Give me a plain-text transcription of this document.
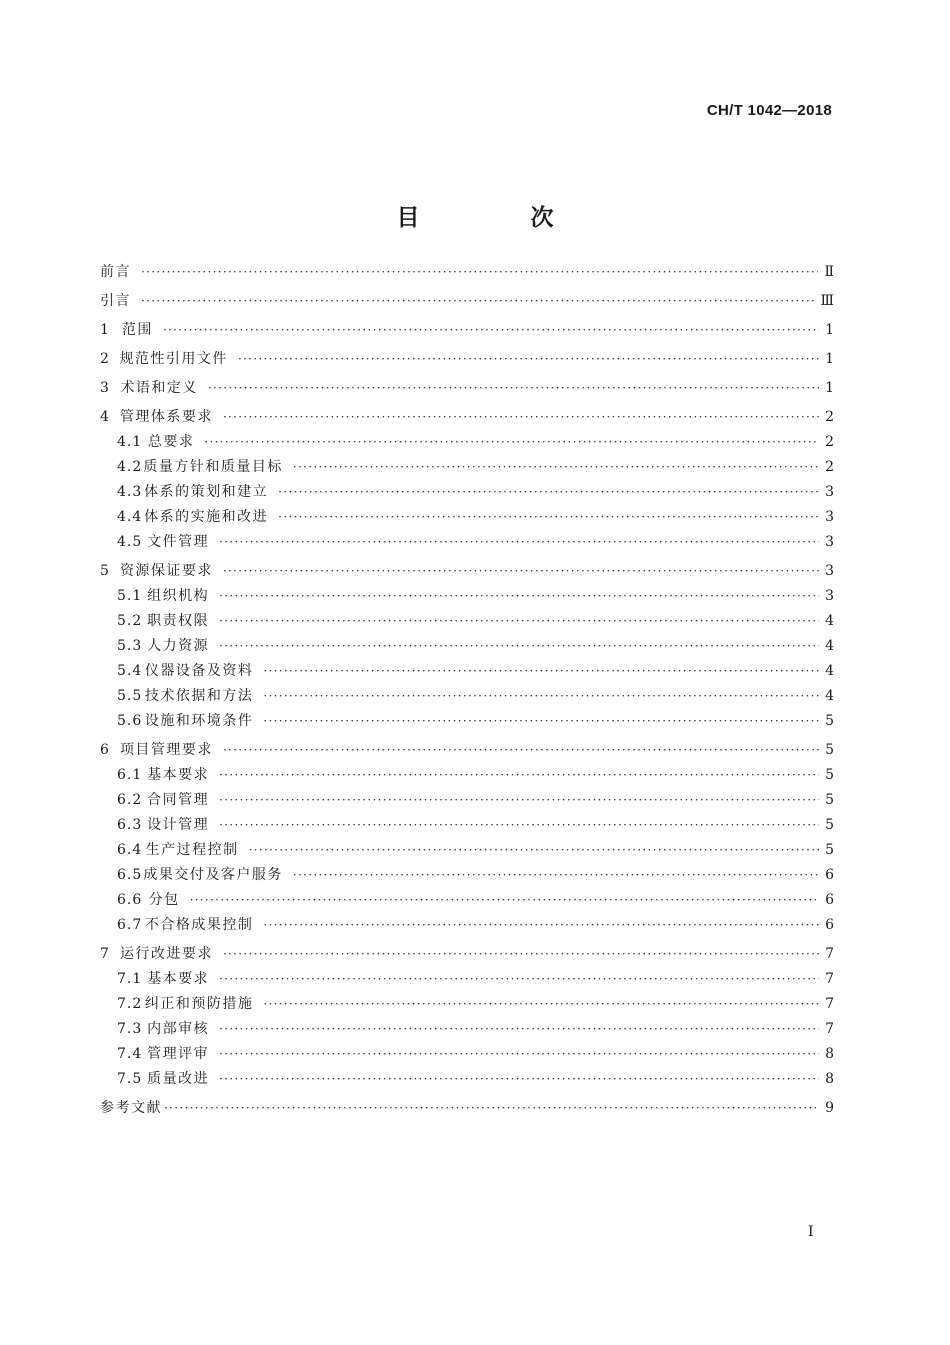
CH/T 1042—2018
目　次
前言 ·····	Ⅱ
引言 ·····	Ⅲ
1 范围 ·····	1
2 规范性引用文件 ·····	1
3 术语和定义 ·····	1
4 管理体系要求 ·····	2
4.1 总要求 ·····	2
4.2 质量方针和质量目标 ·····	2
4.3 体系的策划和建立 ·····	3
4.4 体系的实施和改进 ·····	3
4.5 文件管理 ·····	3
5 资源保证要求 ·····	3
5.1 组织机构 ·····	3
5.2 职责权限 ·····	4
5.3 人力资源 ·····	4
5.4 仪器设备及资料 ·····	4
5.5 技术依据和方法 ·····	4
5.6 设施和环境条件 ·····	5
6 项目管理要求 ·····	5
6.1 基本要求 ·····	5
6.2 合同管理 ·····	5
6.3 设计管理 ·····	5
6.4 生产过程控制 ·····	5
6.5 成果交付及客户服务 ·····	6
6.6 分包 ·····	6
6.7 不合格成果控制 ·····	6
7 运行改进要求 ·····	7
7.1 基本要求 ·····	7
7.2 纠正和预防措施 ·····	7
7.3 内部审核 ·····	7
7.4 管理评审 ·····	8
7.5 质量改进 ·····	8
参考文献 ·····	9
I
